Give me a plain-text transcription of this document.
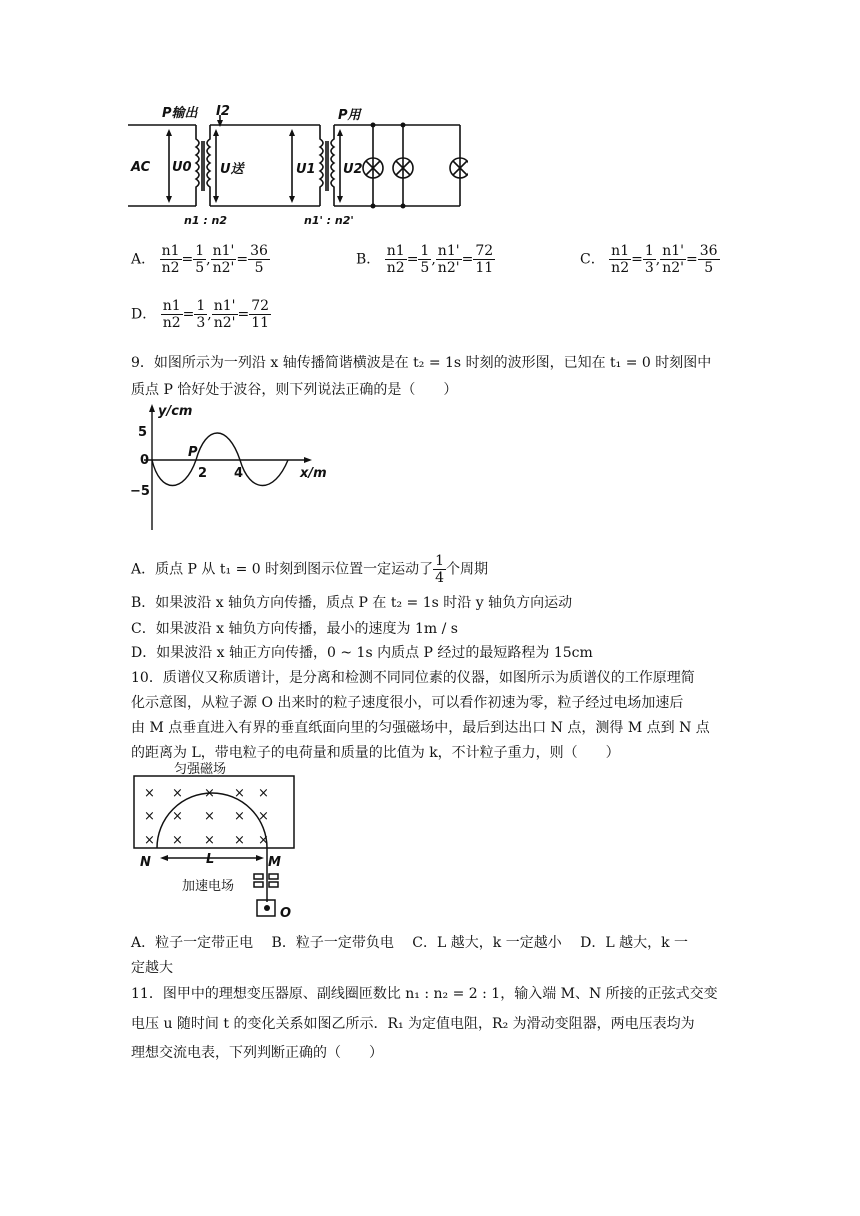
P输出 I2
AC U0 U送	U1 U2
P用
n1 : n2	n1' : n2'
A． $\frac{n1}{n2} = \frac{1}{5}$ , $\frac{n1'}{n2'} = \frac{36}{5}$	B． $\frac{n1}{n2} = \frac{1}{5}$ , $\frac{n1'}{n2'} = \frac{72}{11}$	C． $\frac{n1}{n2} = \frac{1}{3}$ , $\frac{n1'}{n2'} = \frac{36}{5}$
D． $\frac{n1}{n2} = \frac{1}{3}$ , $\frac{n1'}{n2'} = \frac{72}{11}$
9．如图所示为一列沿 x 轴传播简谐横波是在 t₂ = 1s 时刻的波形图，已知在 t₁ = 0 时刻图中
质点 P 恰好处于波谷，则下列说法正确的是（　　）
y/cm
x/m
5
0
−5
2 4
P
A．质点 P 从 t₁ = 0 时刻到图示位置一定运动了 $\frac{1}{4}$ 个周期
B．如果波沿 x 轴负方向传播，质点 P 在 t₂ = 1s 时沿 y 轴负方向运动
C．如果波沿 x 轴负方向传播，最小的速度为 1m / s
D．如果波沿 x 轴正方向传播，0 ~ 1s 内质点 P 经过的最短路程为 15cm
10．质谱仪又称质谱计，是分离和检测不同同位素的仪器，如图所示为质谱仪的工作原理简
化示意图，从粒子源 O 出来时的粒子速度很小，可以看作初速为零，粒子经过电场加速后
由 M 点垂直进入有界的垂直纸面向里的匀强磁场中，最后到达出口 N 点，测得 M 点到 N 点
的距离为 L，带电粒子的电荷量和质量的比值为 k，不计粒子重力，则（　　）
× × × × ×
× × × × ×
× × × × ×
匀强磁场
N	M
L
加速电场
O
A．粒子一定带正电　 B．粒子一定带负电　 C．L 越大，k 一定越小　 D．L 越大，k 一
定越大
11．图甲中的理想变压器原、副线圈匝数比 n₁ : n₂ = 2 : 1，输入端 M、N 所接的正弦式交变
电压 u 随时间 t 的变化关系如图乙所示．R₁ 为定值电阻，R₂ 为滑动变阻器，两电压表均为
理想交流电表，下列判断正确的（　　）
